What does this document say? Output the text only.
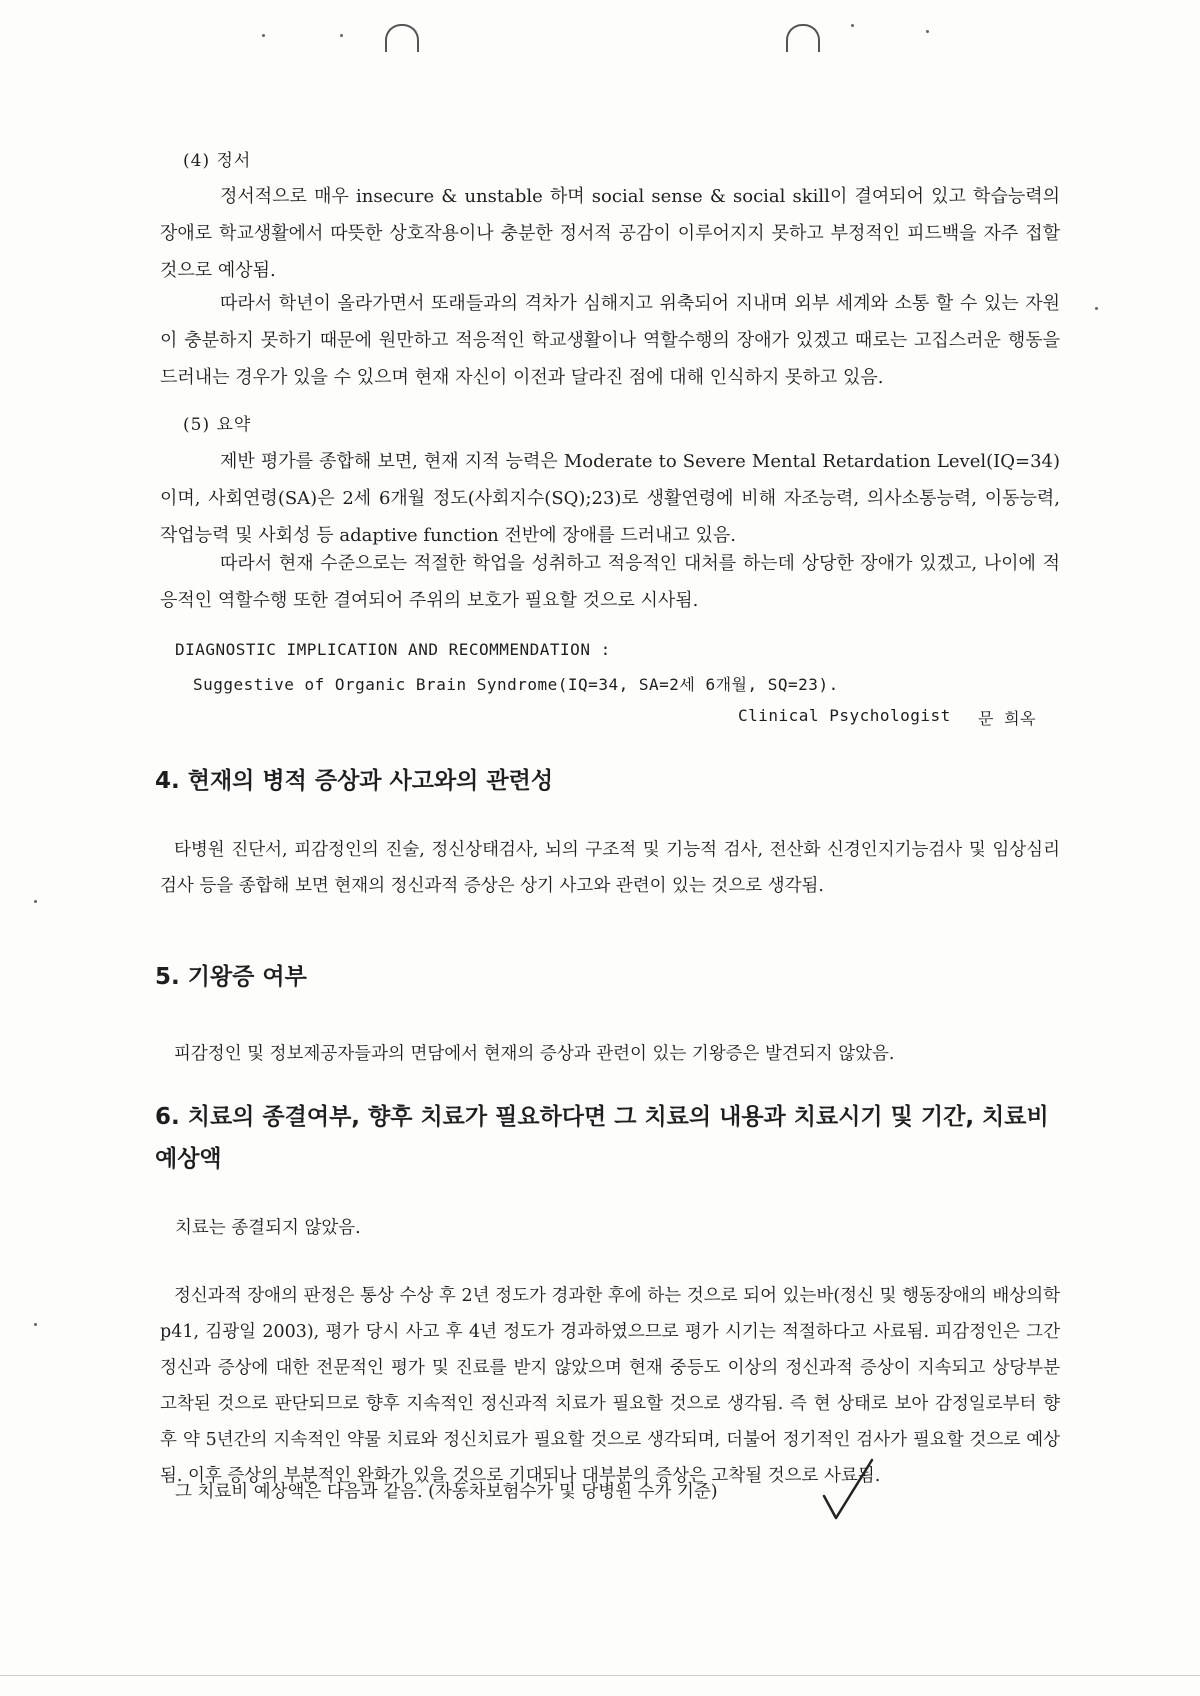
(4) 정서

정서적으로 매우 insecure & unstable 하며 social sense & social skill이 결여되어 있고 학습능력의 장애로 학교생활에서 따뜻한 상호작용이나 충분한 정서적 공감이 이루어지지 못하고 부정적인 피드백을 자주 접할 것으로 예상됨.

따라서 학년이 올라가면서 또래들과의 격차가 심해지고 위축되어 지내며 외부 세계와 소통 할 수 있는 자원이 충분하지 못하기 때문에 원만하고 적응적인 학교생활이나 역할수행의 장애가 있겠고 때로는 고집스러운 행동을 드러내는 경우가 있을 수 있으며 현재 자신이 이전과 달라진 점에 대해 인식하지 못하고 있음.

(5) 요약

제반 평가를 종합해 보면, 현재 지적 능력은 Moderate to Severe Mental Retardation Level(IQ=34)이며, 사회연령(SA)은 2세 6개월 정도(사회지수(SQ);23)로 생활연령에 비해 자조능력, 의사소통능력, 이동능력, 작업능력 및 사회성 등 adaptive function 전반에 장애를 드러내고 있음.

따라서 현재 수준으로는 적절한 학업을 성취하고 적응적인 대처를 하는데 상당한 장애가 있겠고, 나이에 적응적인 역할수행 또한 결여되어 주위의 보호가 필요할 것으로 시사됨.

DIAGNOSTIC IMPLICATION AND RECOMMENDATION :
Suggestive of Organic Brain Syndrome(IQ=34, SA=2세 6개월, SQ=23).
Clinical Psychologist 문 희옥
4. 현재의 병적 증상과 사고와의 관련성

타병원 진단서, 피감정인의 진술, 정신상태검사, 뇌의 구조적 및 기능적 검사, 전산화 신경인지기능검사 및 임상심리검사 등을 종합해 보면 현재의 정신과적 증상은 상기 사고와 관련이 있는 것으로 생각됨.

5. 기왕증 여부

피감정인 및 정보제공자들과의 면담에서 현재의 증상과 관련이 있는 기왕증은 발견되지 않았음.

6. 치료의 종결여부, 향후 치료가 필요하다면 그 치료의 내용과 치료시기 및 기간, 치료비 예상액
치료는 종결되지 않았음.

정신과적 장애의 판정은 통상 수상 후 2년 정도가 경과한 후에 하는 것으로 되어 있는바(정신 및 행동장애의 배상의학 p41, 김광일 2003), 평가 당시 사고 후 4년 정도가 경과하였으므로 평가 시기는 적절하다고 사료됨. 피감정인은 그간 정신과 증상에 대한 전문적인 평가 및 진료를 받지 않았으며 현재 중등도 이상의 정신과적 증상이 지속되고 상당부분 고착된 것으로 판단되므로 향후 지속적인 정신과적 치료가 필요할 것으로 생각됨. 즉 현 상태로 보아 감정일로부터 향후 약 5년간의 지속적인 약물 치료와 정신치료가 필요할 것으로 생각되며, 더불어 정기적인 검사가 필요할 것으로 예상됨. 이후 증상의 부분적인 완화가 있을 것으로 기대되나 대부분의 증상은 고착될 것으로 사료됨.

그 치료비 예상액은 다음과 같음. (자동차보험수가 및 당병원 수가 기준)
